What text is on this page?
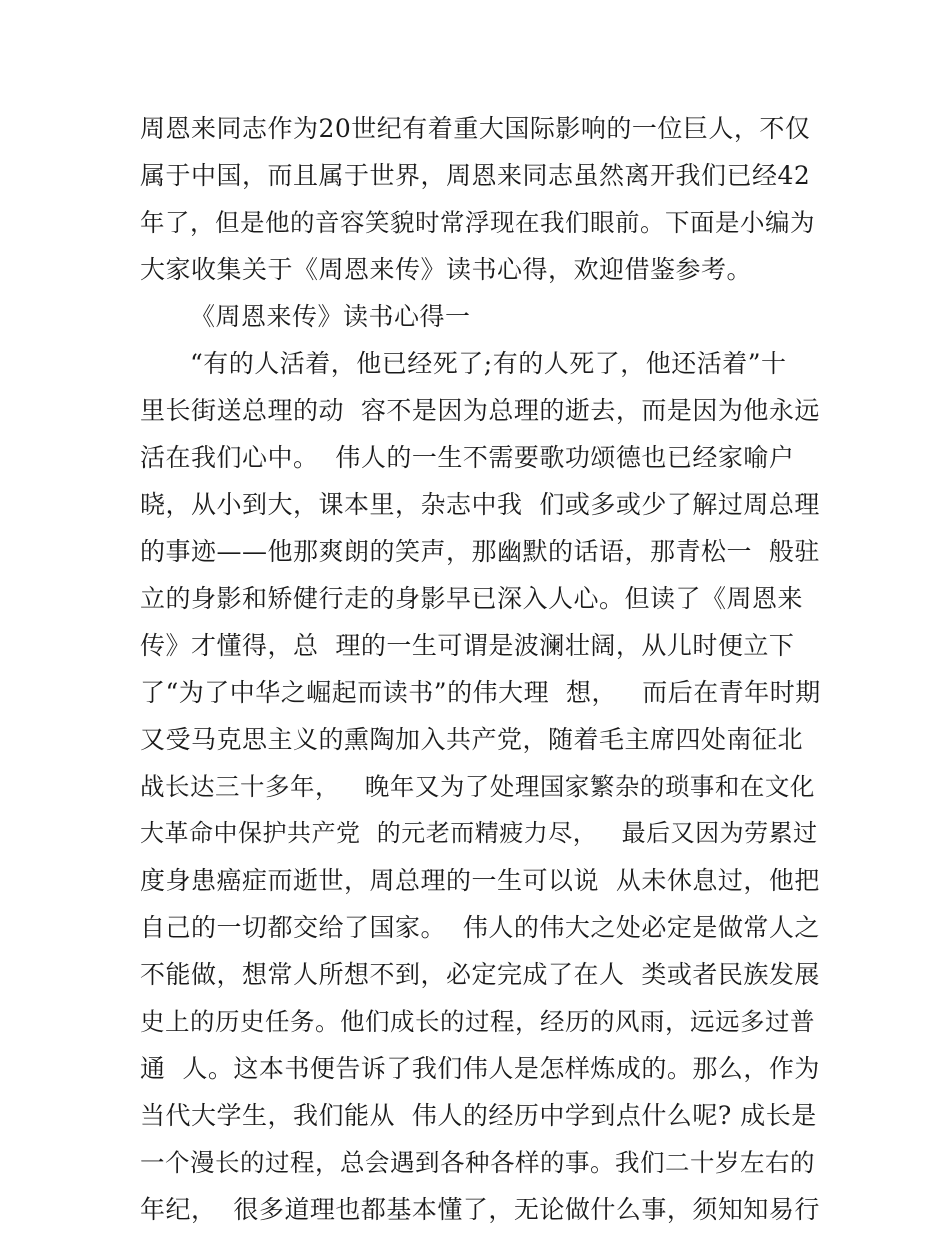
周恩来同志作为20世纪有着重大国际影响的一位巨人，不仅
属于中国，而且属于世界，周恩来同志虽然离开我们已经42
年了，但是他的音容笑貌时常浮现在我们眼前。下面是小编为
大家收集关于《周恩来传》读书心得，欢迎借鉴参考。
《周恩来传》读书心得一
“有的人活着，他已经死了;有的人死了，他还活着”十
里长街送总理的动  容不是因为总理的逝去，而是因为他永远
活在我们心中。  伟人的一生不需要歌功颂德也已经家喻户
晓，从小到大，课本里，杂志中我  们或多或少了解过周总理
的事迹——他那爽朗的笑声，那幽默的话语，那青松一  般驻
立的身影和矫健行走的身影早已深入人心。但读了《周恩来
传》才懂得，总  理的一生可谓是波澜壮阔，从儿时便立下
了“为了中华之崛起而读书”的伟大理  想，   而后在青年时期
又受马克思主义的熏陶加入共产党，随着毛主席四处南征北
战长达三十多年，   晚年又为了处理国家繁杂的琐事和在文化
大革命中保护共产党  的元老而精疲力尽，   最后又因为劳累过
度身患癌症而逝世，周总理的一生可以说  从未休息过，他把
自己的一切都交给了国家。  伟人的伟大之处必定是做常人之
不能做，想常人所想不到，必定完成了在人  类或者民族发展
史上的历史任务。他们成长的过程，经历的风雨，远远多过普
通  人。这本书便告诉了我们伟人是怎样炼成的。那么，作为
当代大学生，我们能从  伟人的经历中学到点什么呢? 成长是
一个漫长的过程，总会遇到各种各样的事。我们二十岁左右的
年纪，  很多道理也都基本懂了，无论做什么事，须知知易行
